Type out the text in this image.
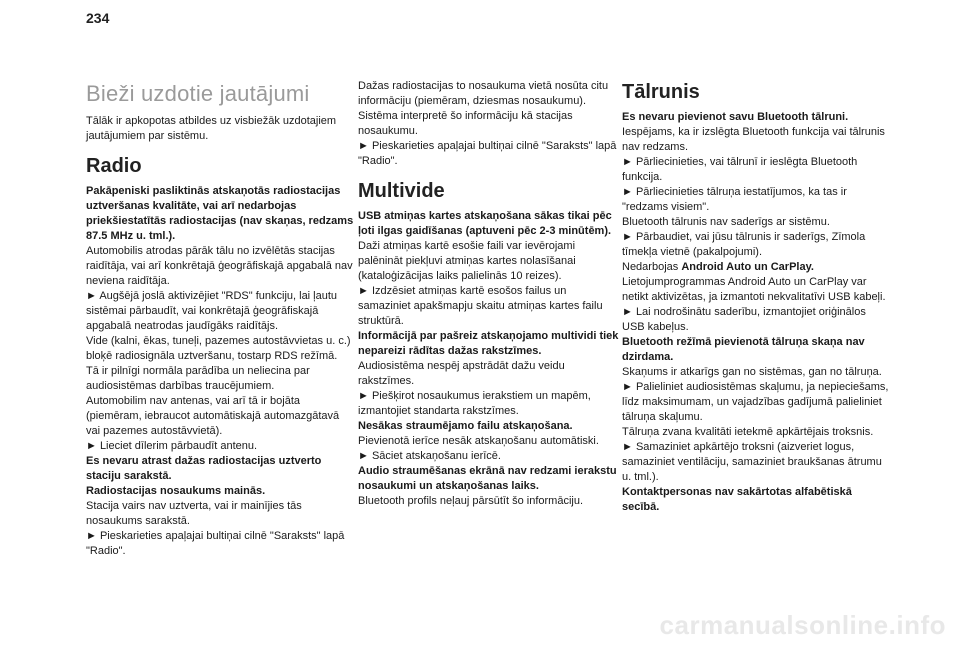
234
Bieži uzdotie jautājumi

Tālāk ir apkopotas atbildes uz visbiežāk uzdotajiem jautājumiem par sistēmu.

Radio

Pakāpeniski pasliktinās atskaņotās radiostacijas uztveršanas kvalitāte, vai arī nedarbojas priekšiestatītās radiostacijas (nav skaņas, redzams 87.5 MHz u. tml.).

Automobilis atrodas pārāk tālu no izvēlētās stacijas raidītāja, vai arī konkrētajā ģeogrāfiskajā apgabalā nav neviena raidītāja.

► Augšējā joslā aktivizējiet "RDS" funkciju, lai ļautu sistēmai pārbaudīt, vai konkrētajā ģeogrāfiskajā apgabalā neatrodas jaudīgāks raidītājs.

Vide (kalni, ēkas, tuneļi, pazemes autostāvvietas u. c.) bloķē radiosignāla uztveršanu, tostarp RDS režīmā.

Tā ir pilnīgi normāla parādība un neliecina par audiosistēmas darbības traucējumiem.

Automobilim nav antenas, vai arī tā ir bojāta (piemēram, iebraucot automātiskajā automazgātavā vai pazemes autostāvvietā).

► Lieciet dīlerim pārbaudīt antenu.

Es nevaru atrast dažas radiostacijas uztverto staciju sarakstā.

Radiostacijas nosaukums mainās.

Stacija vairs nav uztverta, vai ir mainījies tās nosaukums sarakstā.

► Pieskarieties apaļajai bultiņai cilnē "Saraksts" lapā "Radio".

Dažas radiostacijas to nosaukuma vietā nosūta citu informāciju (piemēram, dziesmas nosaukumu).

Sistēma interpretē šo informāciju kā stacijas nosaukumu.

► Pieskarieties apaļajai bultiņai cilnē "Saraksts" lapā "Radio".

Multivide

USB atmiņas kartes atskaņošana sākas tikai pēc ļoti ilgas gaidīšanas (aptuveni pēc 2-3 minūtēm).

Daži atmiņas kartē esošie faili var ievērojami palēnināt piekļuvi atmiņas kartes nolasīšanai (kataloģizācijas laiks palielinās 10 reizes).

► Izdzēsiet atmiņas kartē esošos failus un samaziniet apakšmapju skaitu atmiņas kartes failu struktūrā.

Informācijā par pašreiz atskaņojamo multividi tiek nepareizi rādītas dažas rakstzīmes.

Audiosistēma nespēj apstrādāt dažu veidu rakstzīmes.

► Piešķirot nosaukumus ierakstiem un mapēm, izmantojiet standarta rakstzīmes.

Nesākas straumējamo failu atskaņošana.

Pievienotā ierīce nesāk atskaņošanu automātiski.

► Sāciet atskaņošanu ierīcē.

Audio straumēšanas ekrānā nav redzami ierakstu nosaukumi un atskaņošanas laiks.

Bluetooth profils neļauj pārsūtīt šo informāciju.

Tālrunis

Es nevaru pievienot savu Bluetooth tālruni.

Iespējams, ka ir izslēgta Bluetooth funkcija vai tālrunis nav redzams.

► Pārliecinieties, vai tālrunī ir ieslēgta Bluetooth funkcija.

► Pārliecinieties tālruņa iestatījumos, ka tas ir "redzams visiem".

Bluetooth tālrunis nav saderīgs ar sistēmu.

► Pārbaudiet, vai jūsu tālrunis ir saderīgs, Zīmola tīmekļa vietnē (pakalpojumi).

Nedarbojas Android Auto un CarPlay.

Lietojumprogrammas Android Auto un CarPlay var netikt aktivizētas, ja izmantoti nekvalitatīvi USB kabeļi.

► Lai nodrošinātu saderību, izmantojiet oriģinālos USB kabeļus.

Bluetooth režīmā pievienotā tālruņa skaņa nav dzirdama.

Skaņums ir atkarīgs gan no sistēmas, gan no tālruņa.

► Palieliniet audiosistēmas skaļumu, ja nepieciešams, līdz maksimumam, un vajadzības gadījumā palieliniet tālruņa skaļumu.

Tālruņa zvana kvalitāti ietekmē apkārtējais troksnis.

► Samaziniet apkārtējo troksni (aizveriet logus, samaziniet ventilāciju, samaziniet braukšanas ātrumu u. tml.).

Kontaktpersonas nav sakārtotas alfabētiskā secībā.

carmanualsonline.info
